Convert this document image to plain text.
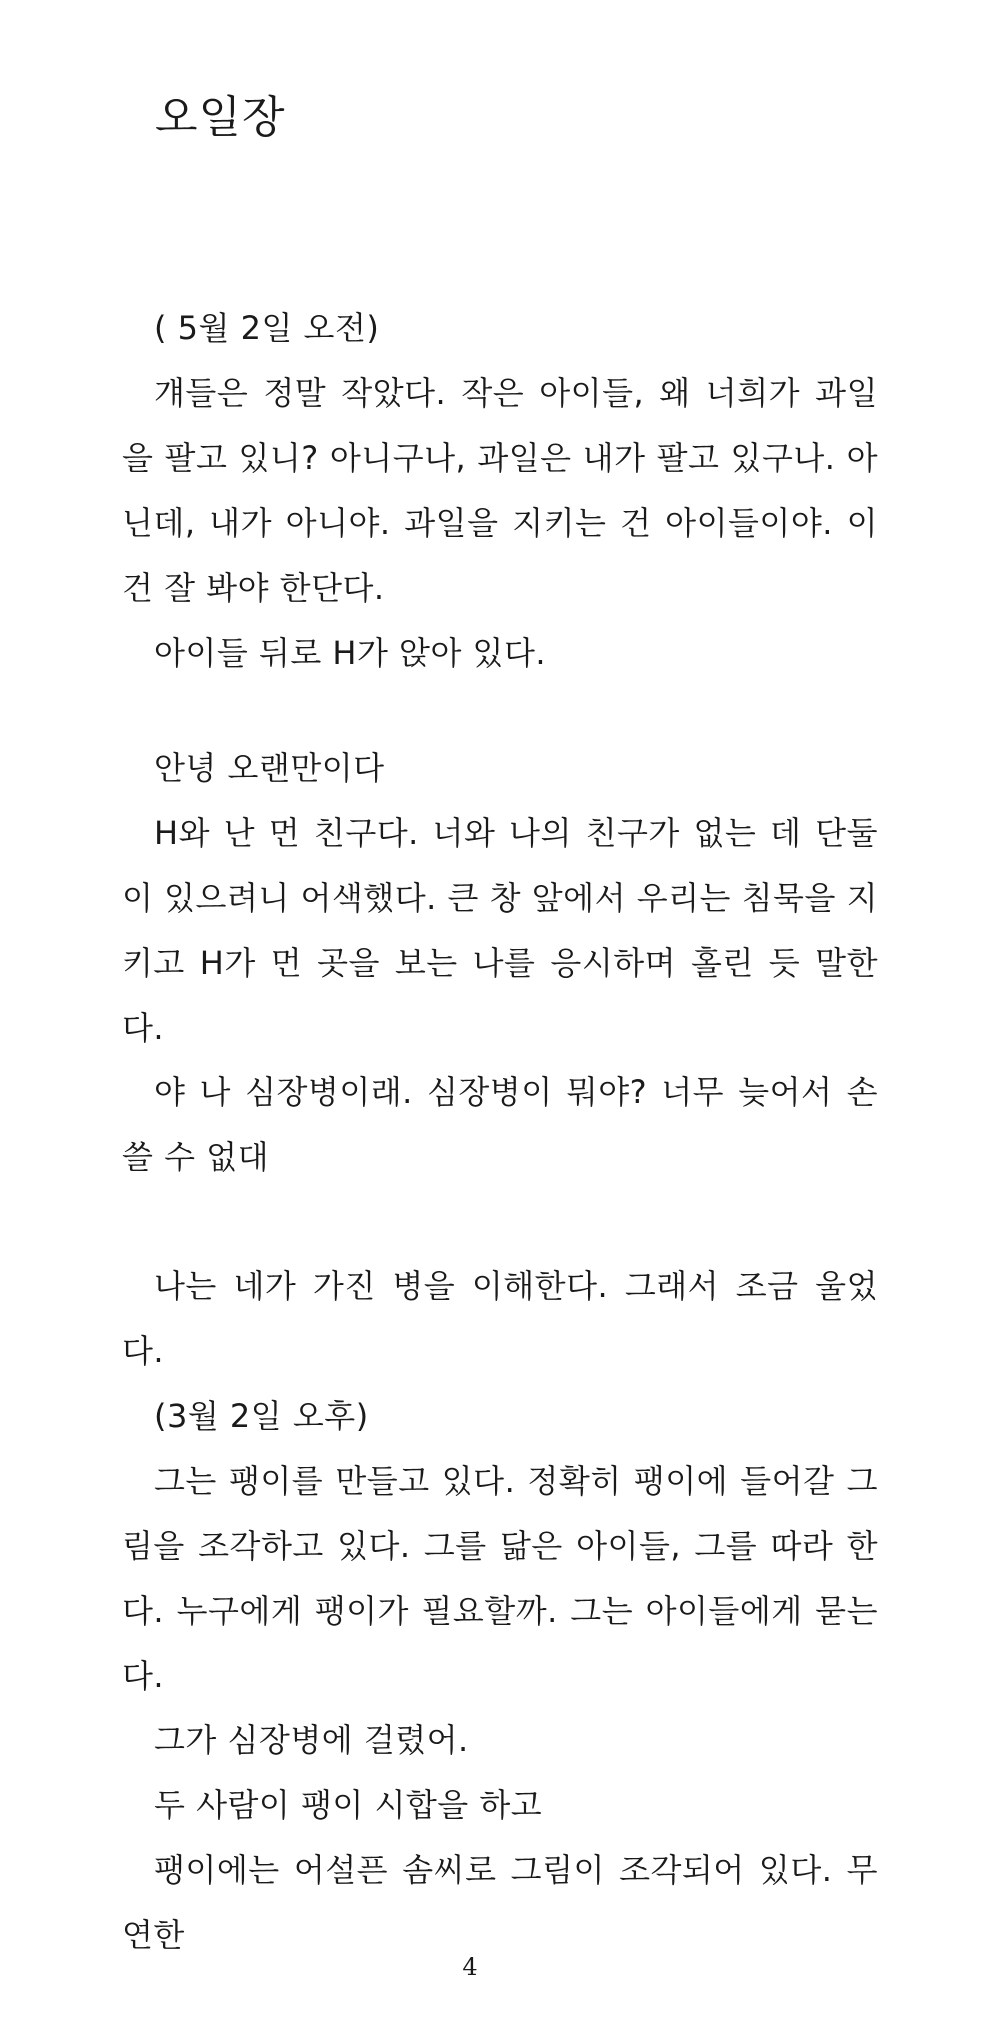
오일장

( 5월 2일 오전)

걔들은 정말 작았다. 작은 아이들, 왜 너희가 과일을 팔고 있니? 아니구나, 과일은 내가 팔고 있구나. 아닌데, 내가 아니야. 과일을 지키는 건 아이들이야. 이건 잘 봐야 한단다.

아이들 뒤로 H가 앉아 있다.

안녕 오랜만이다

H와 난 먼 친구다. 너와 나의 친구가 없는 데 단둘이 있으려니 어색했다. 큰 창 앞에서 우리는 침묵을 지키고 H가 먼 곳을 보는 나를 응시하며 홀린 듯 말한다.

야 나 심장병이래. 심장병이 뭐야? 너무 늦어서 손 쓸 수 없대

나는 네가 가진 병을 이해한다. 그래서 조금 울었다.

(3월 2일 오후)

그는 팽이를 만들고 있다. 정확히 팽이에 들어갈 그림을 조각하고 있다. 그를 닮은 아이들, 그를 따라 한다. 누구에게 팽이가 필요할까. 그는 아이들에게 묻는다.

그가 심장병에 걸렸어.

두 사람이 팽이 시합을 하고

팽이에는 어설픈 솜씨로 그림이 조각되어 있다. 무연한

4
